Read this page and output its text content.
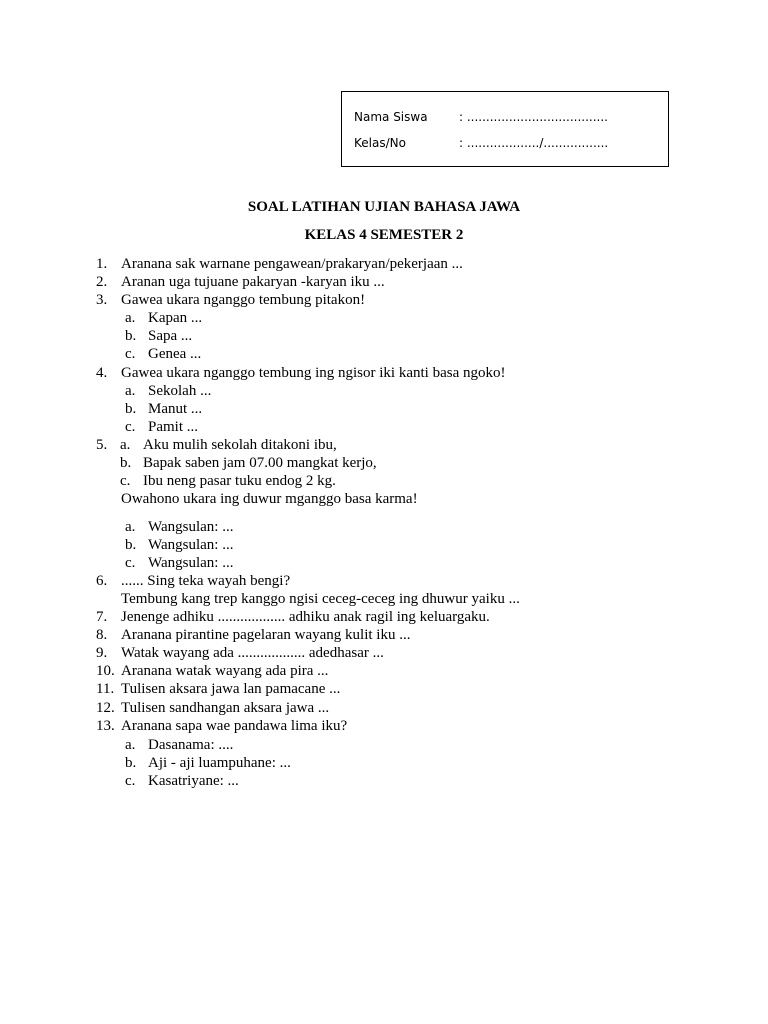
Nama Siswa	: .....................................
Kelas/No	: .................../.................
SOAL LATIHAN UJIAN BAHASA JAWA
KELAS 4 SEMESTER 2
1. Aranana sak warnane pengawean/prakaryan/pekerjaan ...
2. Aranan uga tujuane pakaryan -karyan iku ...
3. Gawea ukara nganggo tembung pitakon!
a. Kapan ...
b. Sapa ...
c. Genea ...
4. Gawea ukara nganggo tembung ing ngisor iki kanti basa ngoko!
a. Sekolah ...
b. Manut ...
c. Pamit ...
5. a. Aku mulih sekolah ditakoni ibu,
b. Bapak saben jam 07.00 mangkat kerjo,
c. Ibu neng pasar tuku endog 2 kg.
Owahono ukara ing duwur mganggo basa karma!
a. Wangsulan: ...
b. Wangsulan: ...
c. Wangsulan: ...
6. ...... Sing teka wayah bengi?
Tembung kang trep kanggo ngisi ceceg-ceceg ing dhuwur yaiku ...
7. Jenenge adhiku .................. adhiku anak ragil ing keluargaku.
8. Aranana pirantine pagelaran wayang kulit iku ...
9. Watak wayang ada .................. adedhasar ...
10. Aranana watak wayang ada pira ...
11. Tulisen aksara jawa lan pamacane ...
12. Tulisen sandhangan aksara jawa ...
13. Aranana sapa wae pandawa lima iku?
a. Dasanama: ....
b. Aji - aji luampuhane: ...
c. Kasatriyane: ...
